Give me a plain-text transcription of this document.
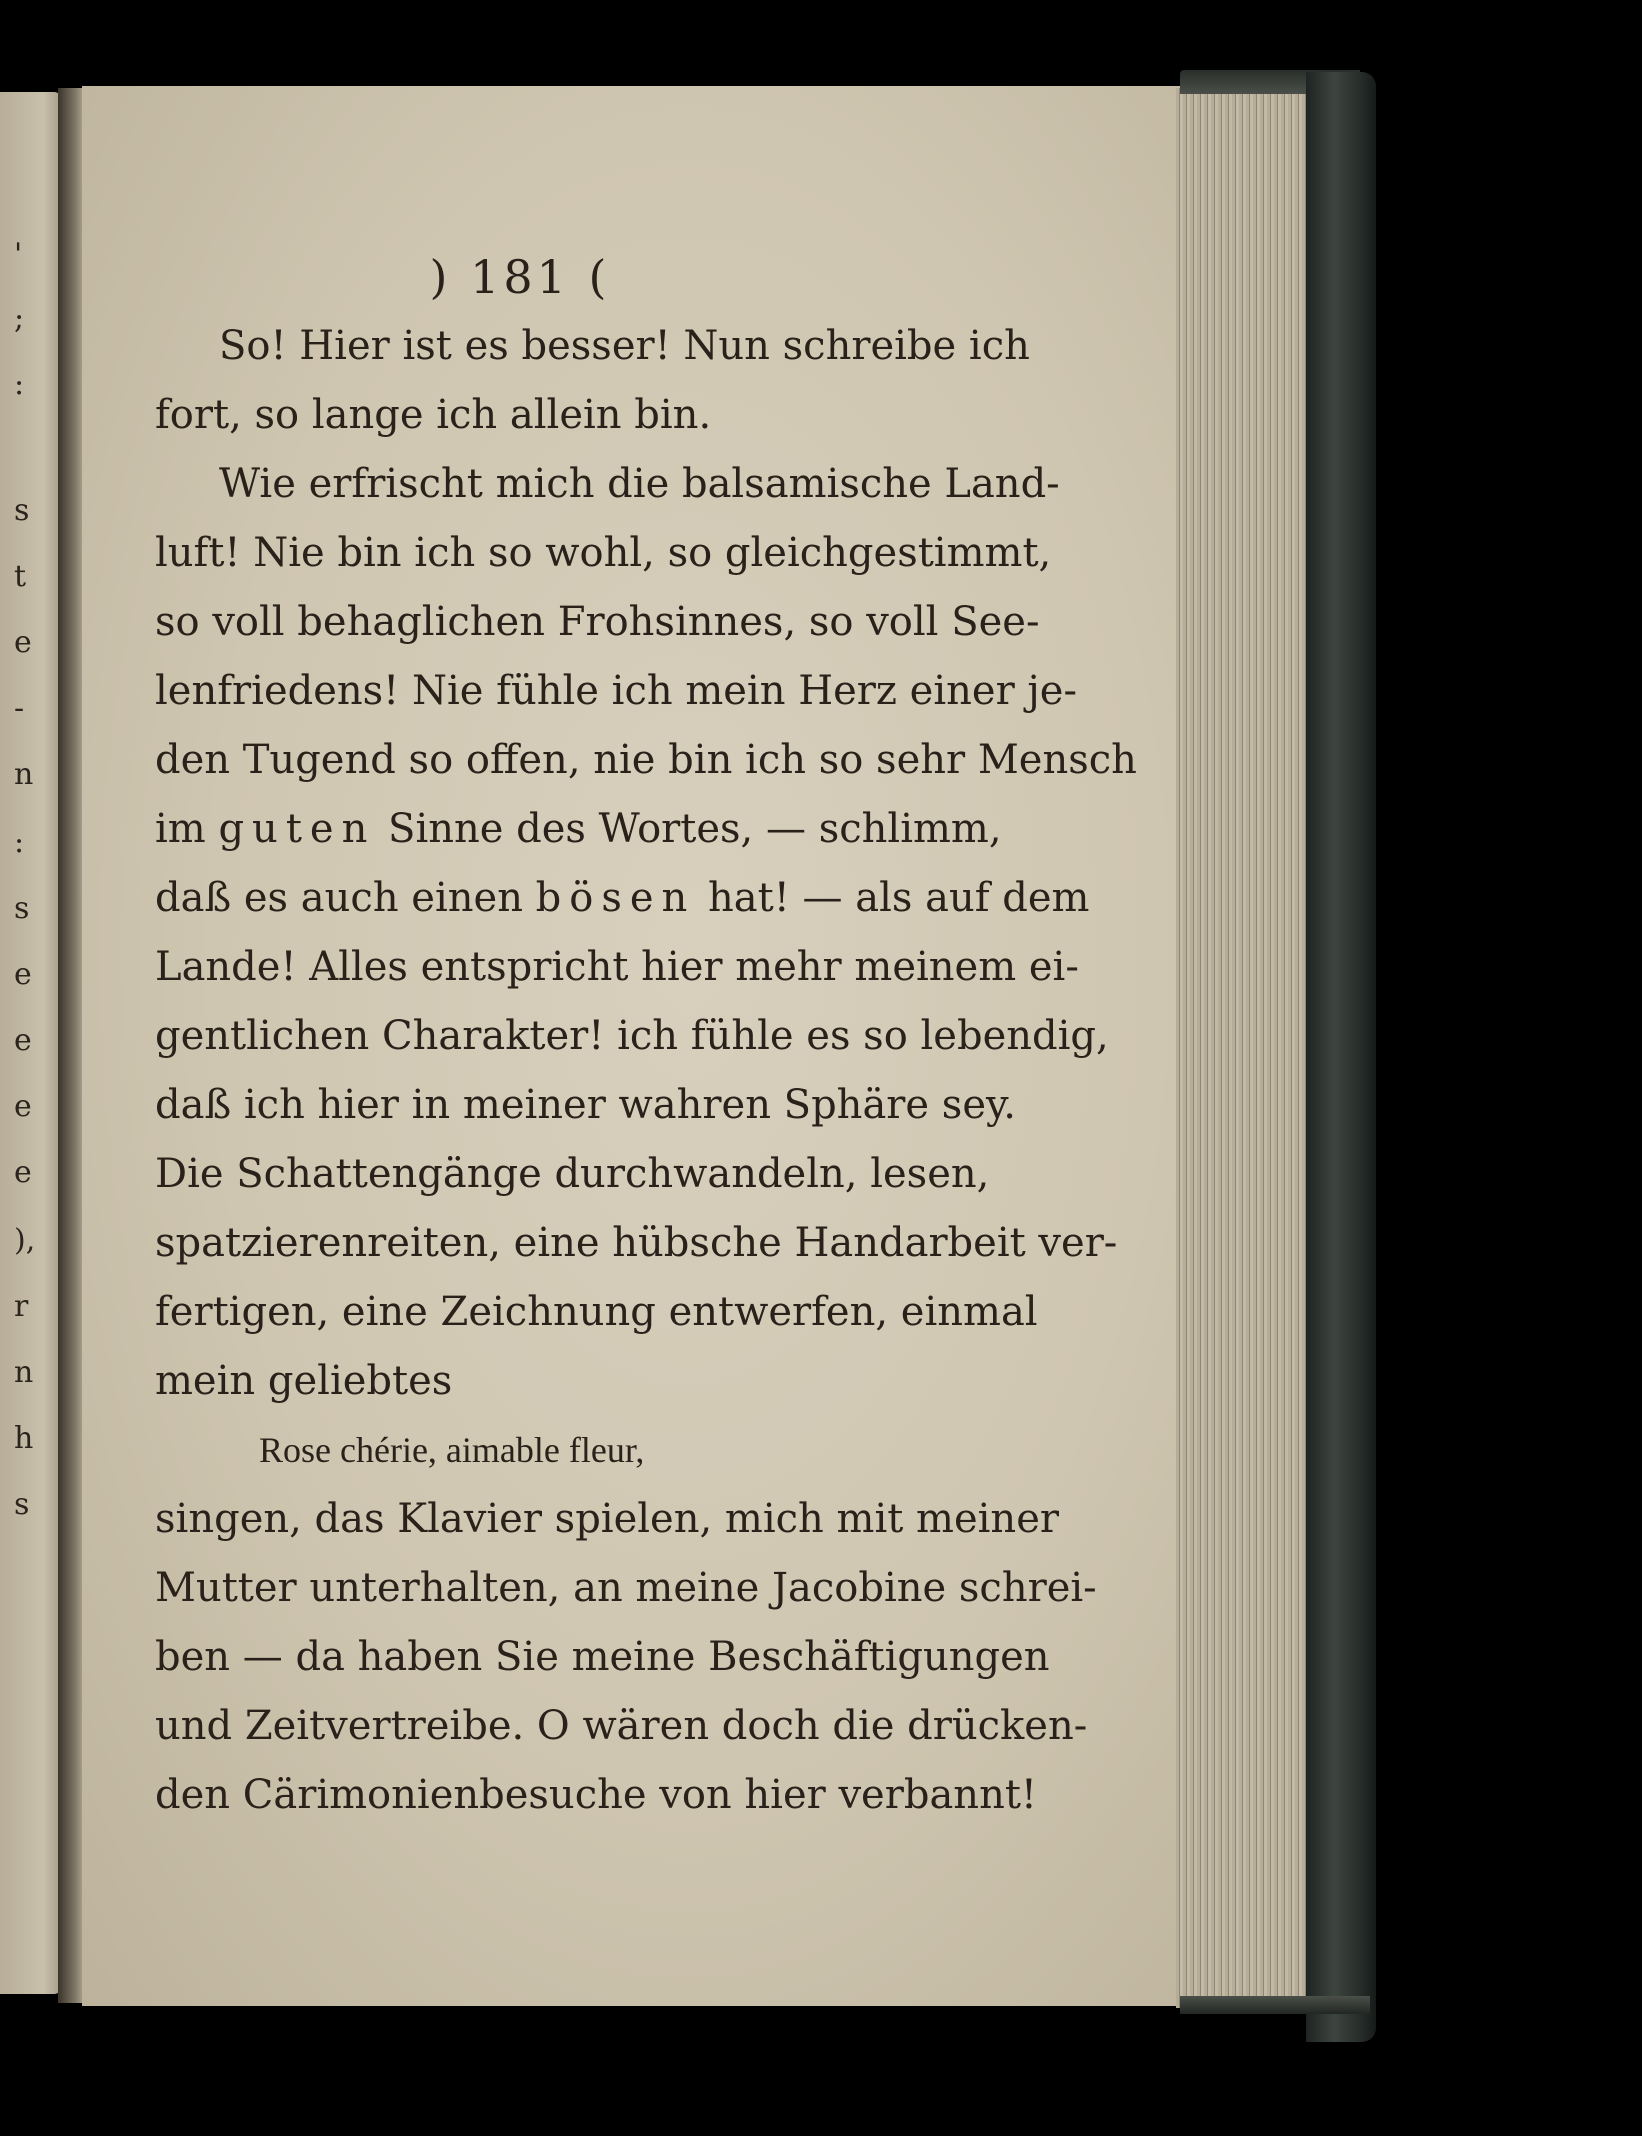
'
;
:
s
t
e
-
n
:
s
e
e
e
e
),
r
n
h
s
) 181 (
So! Hier ist es besser! Nun schreibe ich
fort, so lange ich allein bin.
Wie erfrischt mich die balsamische Land-
luft! Nie bin ich so wohl, so gleichgestimmt,
so voll behaglichen Frohsinnes, so voll See-
lenfriedens! Nie fühle ich mein Herz einer je-
den Tugend so offen, nie bin ich so sehr Mensch
im guten Sinne des Wortes, — schlimm,
daß es auch einen bösen hat! — als auf dem
Lande! Alles entspricht hier mehr meinem ei-
gentlichen Charakter! ich fühle es so lebendig,
daß ich hier in meiner wahren Sphäre sey.
Die Schattengänge durchwandeln, lesen,
spatzierenreiten, eine hübsche Handarbeit ver-
fertigen, eine Zeichnung entwerfen, einmal
mein geliebtes
Rose chérie, aimable fleur,
singen, das Klavier spielen, mich mit meiner
Mutter unterhalten, an meine Jacobine schrei-
ben — da haben Sie meine Beschäftigungen
und Zeitvertreibe. O wären doch die drücken-
den Cärimonienbesuche von hier verbannt!
